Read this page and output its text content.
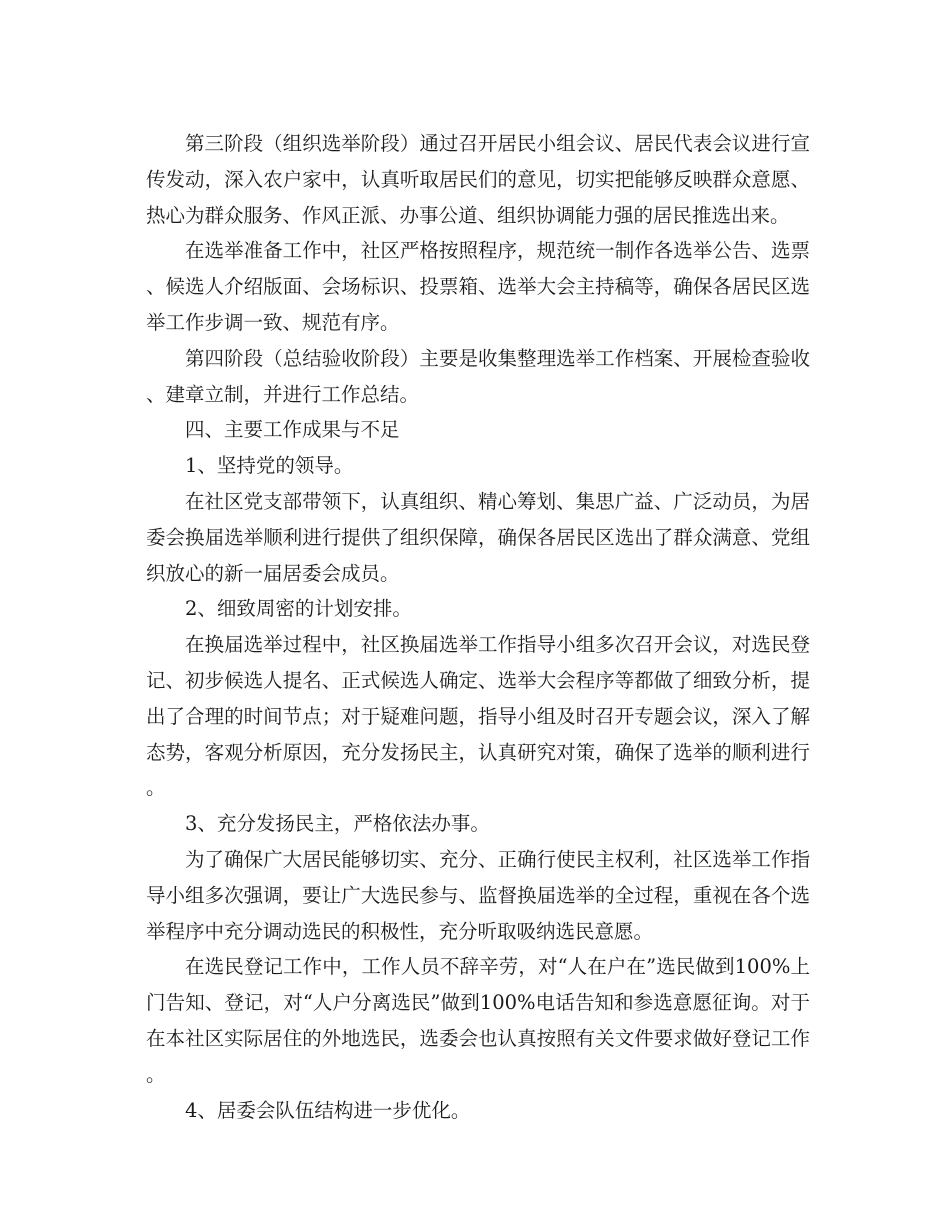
第三阶段（组织选举阶段）通过召开居民小组会议、居民代表会议进行宣传发动，深入农户家中，认真听取居民们的意见，切实把能够反映群众意愿、热心为群众服务、作风正派、办事公道、组织协调能力强的居民推选出来。

在选举准备工作中，社区严格按照程序，规范统一制作各选举公告、选票、候选人介绍版面、会场标识、投票箱、选举大会主持稿等，确保各居民区选举工作步调一致、规范有序。

第四阶段（总结验收阶段）主要是收集整理选举工作档案、开展检查验收、建章立制，并进行工作总结。

四、主要工作成果与不足

1、坚持党的领导。

在社区党支部带领下，认真组织、精心筹划、集思广益、广泛动员，为居委会换届选举顺利进行提供了组织保障，确保各居民区选出了群众满意、党组织放心的新一届居委会成员。

2、细致周密的计划安排。

在换届选举过程中，社区换届选举工作指导小组多次召开会议，对选民登记、初步候选人提名、正式候选人确定、选举大会程序等都做了细致分析，提出了合理的时间节点；对于疑难问题，指导小组及时召开专题会议，深入了解态势，客观分析原因，充分发扬民主，认真研究对策，确保了选举的顺利进行。

3、充分发扬民主，严格依法办事。

为了确保广大居民能够切实、充分、正确行使民主权利，社区选举工作指导小组多次强调，要让广大选民参与、监督换届选举的全过程，重视在各个选举程序中充分调动选民的积极性，充分听取吸纳选民意愿。

在选民登记工作中，工作人员不辞辛劳，对“人在户在”选民做到100%上门告知、登记，对“人户分离选民”做到100%电话告知和参选意愿征询。对于在本社区实际居住的外地选民，选委会也认真按照有关文件要求做好登记工作。

4、居委会队伍结构进一步优化。
